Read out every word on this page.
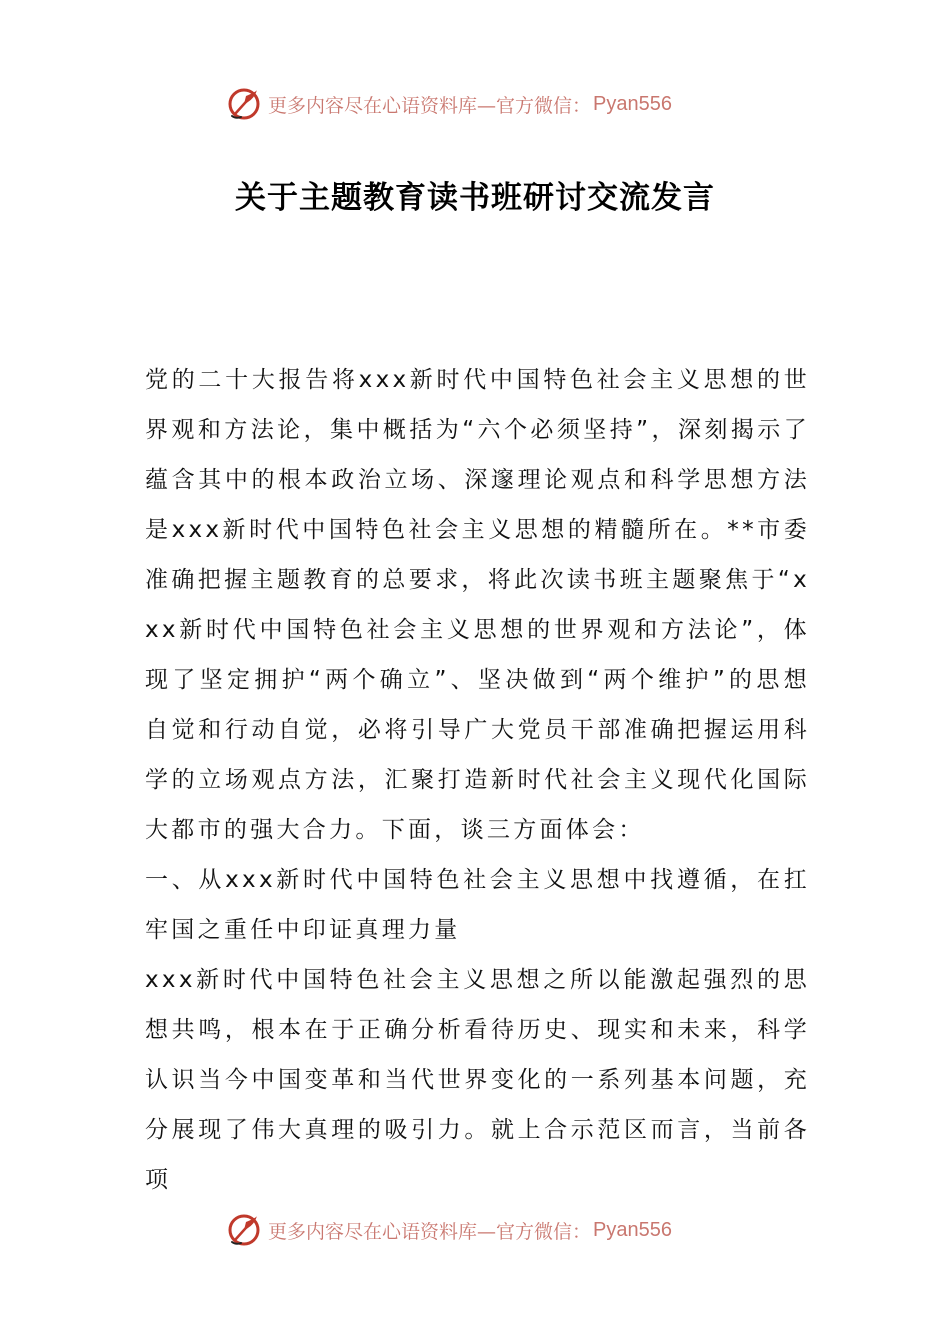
更多内容尽在心语资料库—官方微信： Pyan556
关于主题教育读书班研讨交流发言

党的二十大报告将xxx新时代中国特色社会主义思想的世界观和方法论，集中概括为“六个必须坚持”，深刻揭示了蕴含其中的根本政治立场、深邃理论观点和科学思想方法是xxx新时代中国特色社会主义思想的精髓所在。**市委准确把握主题教育的总要求，将此次读书班主题聚焦于“xxx新时代中国特色社会主义思想的世界观和方法论”，体现了坚定拥护“两个确立”、坚决做到“两个维护”的思想自觉和行动自觉，必将引导广大党员干部准确把握运用科学的立场观点方法，汇聚打造新时代社会主义现代化国际大都市的强大合力。下面，谈三方面体会：

一、从xxx新时代中国特色社会主义思想中找遵循，在扛牢国之重任中印证真理力量

xxx新时代中国特色社会主义思想之所以能激起强烈的思想共鸣，根本在于正确分析看待历史、现实和未来，科学认识当今中国变革和当代世界变化的一系列基本问题，充分展现了伟大真理的吸引力。就上合示范区而言，当前各项

更多内容尽在心语资料库—官方微信： Pyan556
